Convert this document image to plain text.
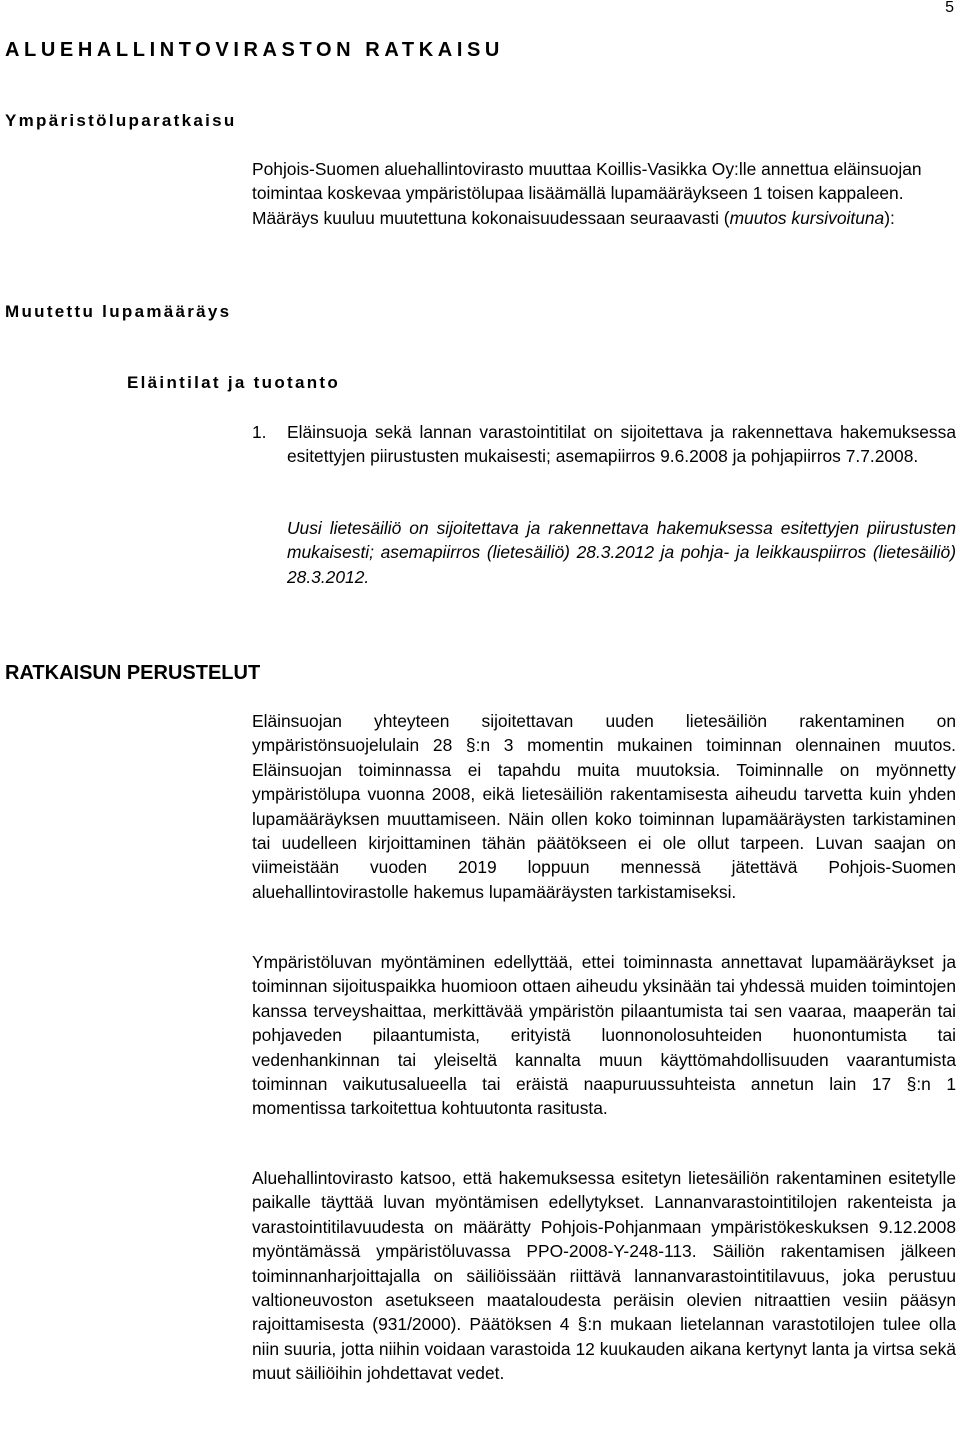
5
ALUEHALLINTOVIRASTON RATKAISU
Ympäristöluparatkaisu

Pohjois-Suomen aluehallintovirasto muuttaa Koillis-Vasikka Oy:lle annettua eläinsuojan toimintaa koskevaa ympäristölupaa lisäämällä lupamääräykseen 1 toisen kappaleen. Määräys kuuluu muutettuna kokonaisuudessaan seuraavasti (muutos kursivoituna):

Muutettu lupamääräys
Eläintilat ja tuotanto
1. Eläinsuoja sekä lannan varastointitilat on sijoitettava ja rakennettava hakemuksessa esitettyjen piirustusten mukaisesti; asemapiirros 9.6.2008 ja pohjapiirros 7.7.2008.

Uusi lietesäiliö on sijoitettava ja rakennettava hakemuksessa esitettyjen piirustusten mukaisesti; asemapiirros (lietesäiliö) 28.3.2012 ja pohja- ja leikkauspiirros (lietesäiliö) 28.3.2012.

RATKAISUN PERUSTELUT

Eläinsuojan yhteyteen sijoitettavan uuden lietesäiliön rakentaminen on ympäristönsuojelulain 28 §:n 3 momentin mukainen toiminnan olennainen muutos. Eläinsuojan toiminnassa ei tapahdu muita muutoksia. Toiminnalle on myönnetty ympäristölupa vuonna 2008, eikä lietesäiliön rakentamisesta aiheudu tarvetta kuin yhden lupamääräyksen muuttamiseen. Näin ollen koko toiminnan lupamääräysten tarkistaminen tai uudelleen kirjoittaminen tähän päätökseen ei ole ollut tarpeen. Luvan saajan on viimeistään vuoden 2019 loppuun mennessä jätettävä Pohjois-Suomen aluehallintovirastolle hakemus lupamääräysten tarkistamiseksi.

Ympäristöluvan myöntäminen edellyttää, ettei toiminnasta annettavat lupamääräykset ja toiminnan sijoituspaikka huomioon ottaen aiheudu yksinään tai yhdessä muiden toimintojen kanssa terveyshaittaa, merkittävää ympäristön pilaantumista tai sen vaaraa, maaperän tai pohjaveden pilaantumista, erityistä luonnonolosuhteiden huonontumista tai vedenhankinnan tai yleiseltä kannalta muun käyttömahdollisuuden vaarantumista toiminnan vaikutusalueella tai eräistä naapuruussuhteista annetun lain 17 §:n 1 momentissa tarkoitettua kohtuutonta rasitusta.

Aluehallintovirasto katsoo, että hakemuksessa esitetyn lietesäiliön rakentaminen esitetylle paikalle täyttää luvan myöntämisen edellytykset. Lannanvarastointitilojen rakenteista ja varastointitilavuudesta on määrätty Pohjois-Pohjanmaan ympäristökeskuksen 9.12.2008 myöntämässä ympäristöluvassa PPO-2008-Y-248-113. Säiliön rakentamisen jälkeen toiminnanharjoittajalla on säiliöissään riittävä lannanvarastointitilavuus, joka perustuu valtioneuvoston asetukseen maataloudesta peräisin olevien nitraattien vesiin pääsyn rajoittamisesta (931/2000). Päätöksen 4 §:n mukaan lietelannan varastotilojen tulee olla niin suuria, jotta niihin voidaan varastoida 12 kuukauden aikana kertynyt lanta ja virtsa sekä muut säiliöihin johdettavat vedet.
